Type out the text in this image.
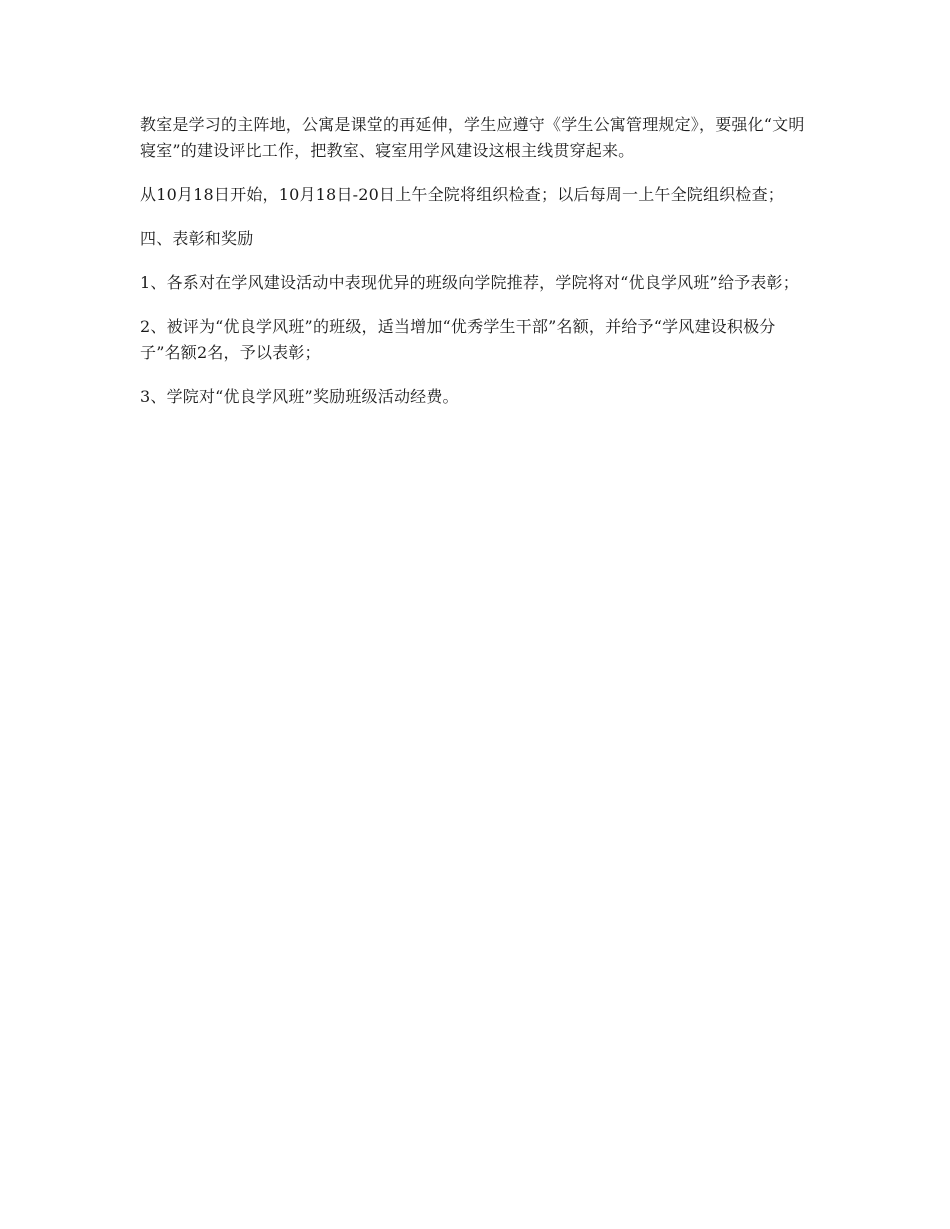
教室是学习的主阵地，公寓是课堂的再延伸，学生应遵守《学生公寓管理规定》，要强化“文明寝室”的建设评比工作，把教室、寝室用学风建设这根主线贯穿起来。

从10月18日开始，10月18日-20日上午全院将组织检查；以后每周一上午全院组织检查；

四、表彰和奖励

1、各系对在学风建设活动中表现优异的班级向学院推荐，学院将对“优良学风班”给予表彰；

2、被评为“优良学风班”的班级，适当增加“优秀学生干部”名额，并给予“学风建设积极分子”名额2名，予以表彰；

3、学院对“优良学风班”奖励班级活动经费。
